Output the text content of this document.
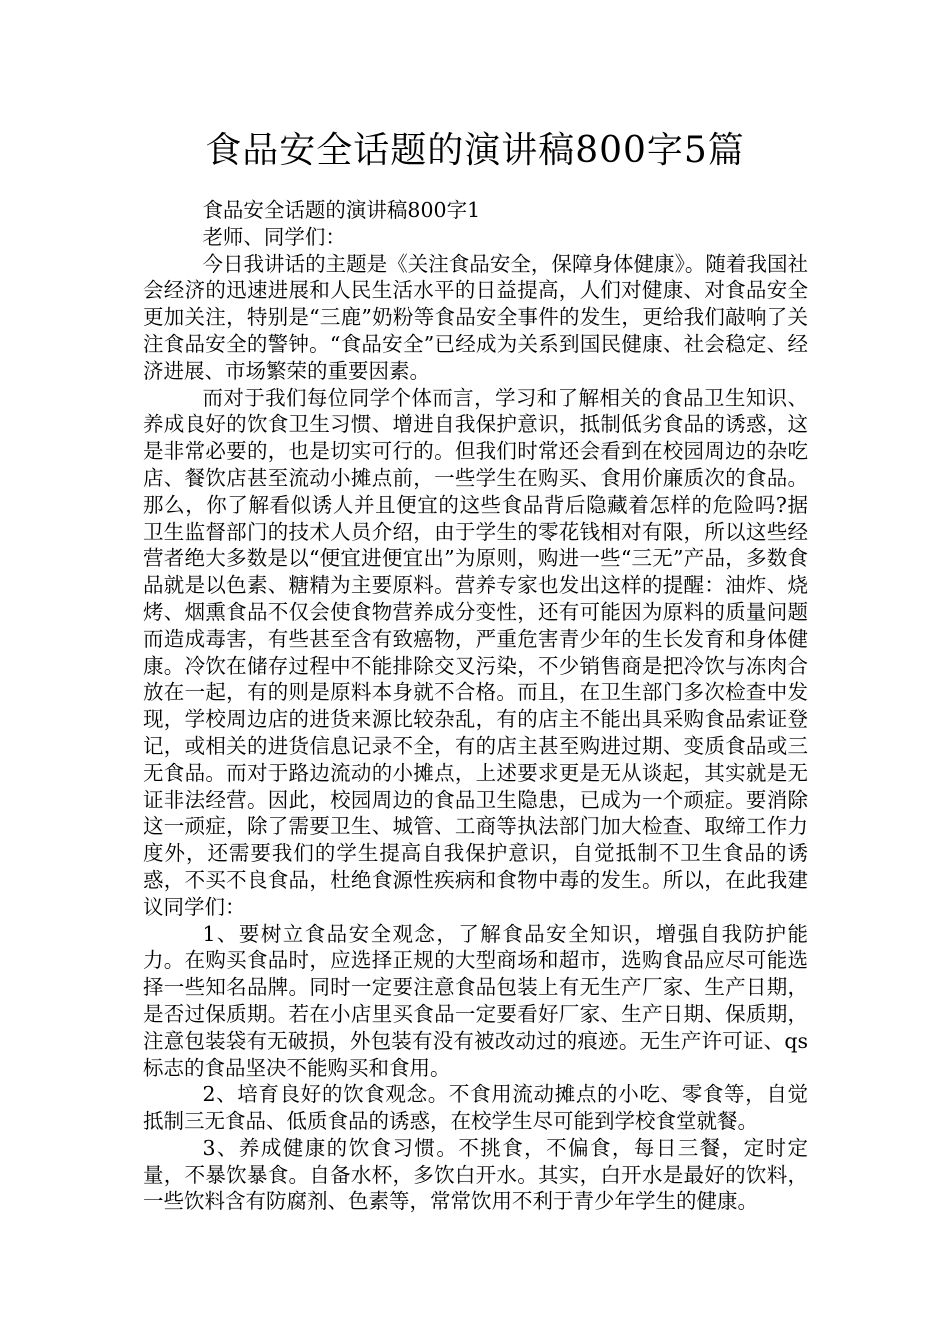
食品安全话题的演讲稿800字5篇

食品安全话题的演讲稿800字1

老师、同学们：

今日我讲话的主题是《关注食品安全，保障身体健康》。随着我国社会经济的迅速进展和人民生活水平的日益提高，人们对健康、对食品安全更加关注，特别是“三鹿”奶粉等食品安全事件的发生，更给我们敲响了关注食品安全的警钟。“食品安全”已经成为关系到国民健康、社会稳定、经济进展、市场繁荣的重要因素。

而对于我们每位同学个体而言，学习和了解相关的食品卫生知识、养成良好的饮食卫生习惯、增进自我保护意识，抵制低劣食品的诱惑，这是非常必要的，也是切实可行的。但我们时常还会看到在校园周边的杂吃店、餐饮店甚至流动小摊点前，一些学生在购买、食用价廉质次的食品。那么，你了解看似诱人并且便宜的这些食品背后隐藏着怎样的危险吗?据卫生监督部门的技术人员介绍，由于学生的零花钱相对有限，所以这些经营者绝大多数是以“便宜进便宜出”为原则，购进一些“三无”产品，多数食品就是以色素、糖精为主要原料。营养专家也发出这样的提醒：油炸、烧烤、烟熏食品不仅会使食物营养成分变性，还有可能因为原料的质量问题而造成毒害，有些甚至含有致癌物，严重危害青少年的生长发育和身体健康。冷饮在储存过程中不能排除交叉污染，不少销售商是把冷饮与冻肉合放在一起，有的则是原料本身就不合格。而且，在卫生部门多次检查中发现，学校周边店的进货来源比较杂乱，有的店主不能出具采购食品索证登记，或相关的进货信息记录不全，有的店主甚至购进过期、变质食品或三无食品。而对于路边流动的小摊点，上述要求更是无从谈起，其实就是无证非法经营。因此，校园周边的食品卫生隐患，已成为一个顽症。要消除这一顽症，除了需要卫生、城管、工商等执法部门加大检查、取缔工作力度外，还需要我们的学生提高自我保护意识，自觉抵制不卫生食品的诱惑，不买不良食品，杜绝食源性疾病和食物中毒的发生。所以，在此我建议同学们：

1、要树立食品安全观念，了解食品安全知识，增强自我防护能力。在购买食品时，应选择正规的大型商场和超市，选购食品应尽可能选择一些知名品牌。同时一定要注意食品包装上有无生产厂家、生产日期，是否过保质期。若在小店里买食品一定要看好厂家、生产日期、保质期，注意包装袋有无破损，外包装有没有被改动过的痕迹。无生产许可证、qs标志的食品坚决不能购买和食用。

2、培育良好的饮食观念。不食用流动摊点的小吃、零食等，自觉抵制三无食品、低质食品的诱惑，在校学生尽可能到学校食堂就餐。

3、养成健康的饮食习惯。不挑食，不偏食，每日三餐，定时定量，不暴饮暴食。自备水杯，多饮白开水。其实，白开水是最好的饮料，一些饮料含有防腐剂、色素等，常常饮用不利于青少年学生的健康。
